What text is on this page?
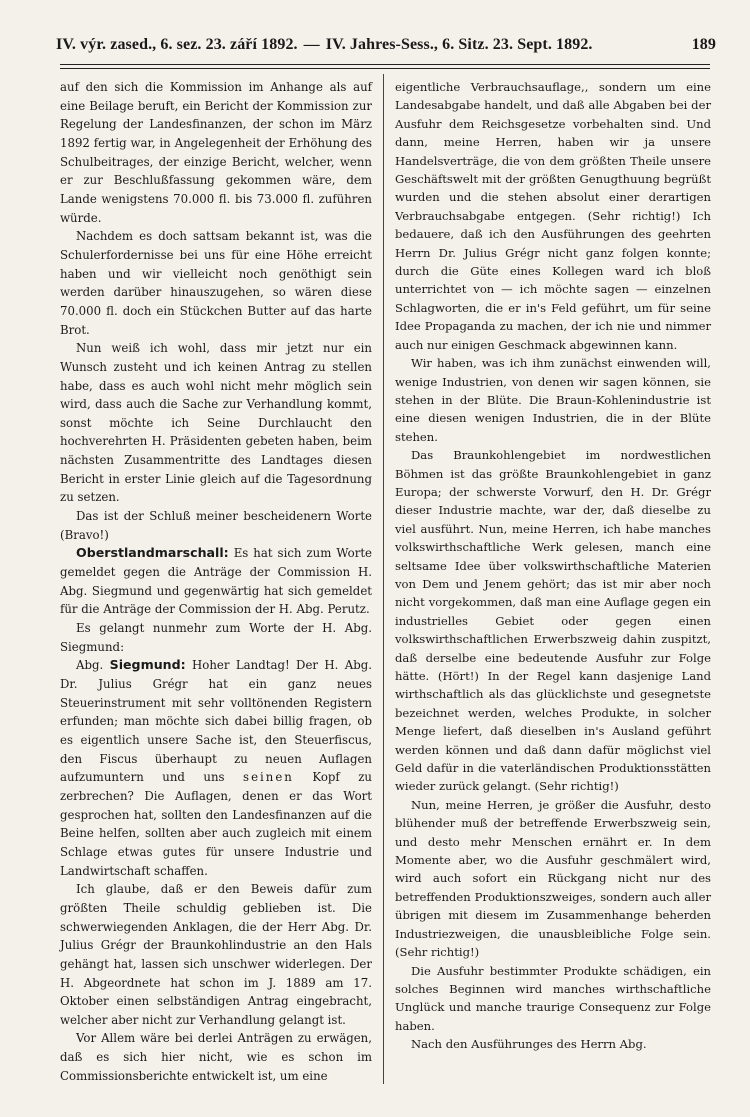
IV. výr. zased., 6. sez. 23. září 1892. — IV. Jahres-Sess., 6. Sitz. 23. Sept. 1892.	189

auf den sich die Kommission im Anhange als auf eine Beilage beruft, ein Bericht der Kommission zur Regelung der Landesfinanzen, der schon im März 1892 fertig war, in Angelegenheit der Erhöhung des Schulbeitrages, der einzige Bericht, welcher, wenn er zur Beschlußfassung gekommen wäre, dem Lande wenigstens 70.000 fl. bis 73.000 fl. zuführen würde.

Nachdem es doch sattsam bekannt ist, was die Schulerfordernisse bei uns für eine Höhe erreicht haben und wir vielleicht noch genöthigt sein werden darüber hinauszugehen, so wären diese 70.000 fl. doch ein Stückchen Butter auf das harte Brot.

Nun weiß ich wohl, dass mir jetzt nur ein Wunsch zusteht und ich keinen Antrag zu stellen habe, dass es auch wohl nicht mehr möglich sein wird, dass auch die Sache zur Verhandlung kommt, sonst möchte ich Seine Durchlaucht den hochverehrten H. Präsidenten gebeten haben, beim nächsten Zusammentritte des Landtages diesen Bericht in erster Linie gleich auf die Tagesordnung zu setzen.

Das ist der Schluß meiner bescheidenern Worte (Bravo!)

Oberstlandmarschall: Es hat sich zum Worte gemeldet gegen die Anträge der Commission H. Abg. Siegmund und gegenwärtig hat sich gemeldet für die Anträge der Commission der H. Abg. Perutz.

Es gelangt nunmehr zum Worte der H. Abg. Siegmund:

Abg. Siegmund: Hoher Landtag! Der H. Abg. Dr. Julius Grégr hat ein ganz neues Steuerinstrument mit sehr volltönenden Registern erfunden; man möchte sich dabei billig fragen, ob es eigentlich unsere Sache ist, den Steuerfiscus, den Fiscus überhaupt zu neuen Auflagen aufzumuntern und uns seinen Kopf zu zerbrechen? Die Auflagen, denen er das Wort gesprochen hat, sollten den Landesfinanzen auf die Beine helfen, sollten aber auch zugleich mit einem Schlage etwas gutes für unsere Industrie und Landwirtschaft schaffen.

Ich glaube, daß er den Beweis dafür zum größten Theile schuldig geblieben ist. Die schwerwiegenden Anklagen, die der Herr Abg. Dr. Julius Grégr der Braunkohlindustrie an den Hals gehängt hat, lassen sich unschwer widerlegen. Der H. Abgeordnete hat schon im J. 1889 am 17. Oktober einen selbständigen Antrag eingebracht, welcher aber nicht zur Verhandlung gelangt ist.

Vor Allem wäre bei derlei Anträgen zu erwägen, daß es sich hier nicht, wie es schon im Commissionsberichte entwickelt ist, um eine

eigentliche Verbrauchsauflage,, sondern um eine Landesabgabe handelt, und daß alle Abgaben bei der Ausfuhr dem Reichsgesetze vorbehalten sind. Und dann, meine Herren, haben wir ja unsere Handelsverträge, die von dem größten Theile unsere Geschäftswelt mit der größten Genugthuung begrüßt wurden und die stehen absolut einer derartigen Verbrauchsabgabe entgegen. (Sehr richtig!) Ich bedauere, daß ich den Ausführungen des geehrten Herrn Dr. Julius Grégr nicht ganz folgen konnte; durch die Güte eines Kollegen ward ich bloß unterrichtet von — ich möchte sagen — einzelnen Schlagworten, die er in's Feld geführt, um für seine Idee Propaganda zu machen, der ich nie und nimmer auch nur einigen Geschmack abgewinnen kann.

Wir haben, was ich ihm zunächst einwenden will, wenige Industrien, von denen wir sagen können, sie stehen in der Blüte. Die Braun-Kohlenindustrie ist eine diesen wenigen Industrien, die in der Blüte stehen.

Das Braunkohlengebiet im nordwestlichen Böhmen ist das größte Braunkohlengebiet in ganz Europa; der schwerste Vorwurf, den H. Dr. Grégr dieser Industrie machte, war der, daß dieselbe zu viel ausführt. Nun, meine Herren, ich habe manches volkswirthschaftliche Werk gelesen, manch eine seltsame Idee über volkswirthschaftliche Materien von Dem und Jenem gehört; das ist mir aber noch nicht vorgekommen, daß man eine Auflage gegen ein industrielles Gebiet oder gegen einen volkswirthschaftlichen Erwerbszweig dahin zuspitzt, daß derselbe eine bedeutende Ausfuhr zur Folge hätte. (Hört!) In der Regel kann dasjenige Land wirthschaftlich als das glücklichste und gesegnetste bezeichnet werden, welches Produkte, in solcher Menge liefert, daß dieselben in's Ausland geführt werden können und daß dann dafür möglichst viel Geld dafür in die vaterländischen Produktionsstätten wieder zurück gelangt. (Sehr richtig!)

Nun, meine Herren, je größer die Ausfuhr, desto blühender muß der betreffende Erwerbszweig sein, und desto mehr Menschen ernährt er. In dem Momente aber, wo die Ausfuhr geschmälert wird, wird auch sofort ein Rückgang nicht nur des betreffenden Produktionszweiges, sondern auch aller übrigen mit diesem im Zusammenhange beherden Industriezweigen, die unausbleibliche Folge sein. (Sehr richtig!)

Die Ausfuhr bestimmter Produkte schädigen, ein solches Beginnen wird manches wirthschaftliche Unglück und manche traurige Consequenz zur Folge haben.

Nach den Ausführunges des Herrn Abg.
